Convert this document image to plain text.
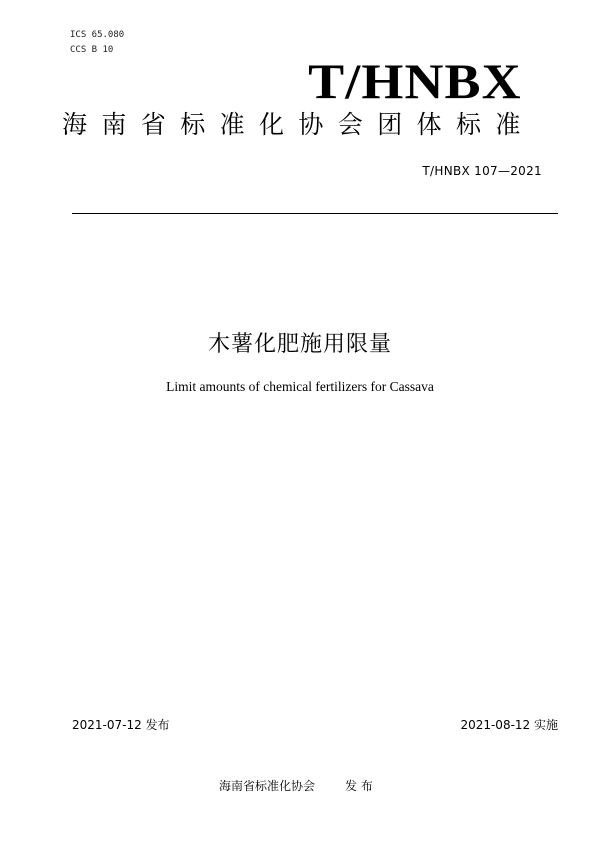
ICS 65.080
CCS B 10
T/HNBX
海南省标准化协会团体标准
T/HNBX 107—2021
木薯化肥施用限量
Limit amounts of chemical fertilizers for Cassava
2021-07-12 发布	2021-08-12 实施
海南省标准化协会	发 布
